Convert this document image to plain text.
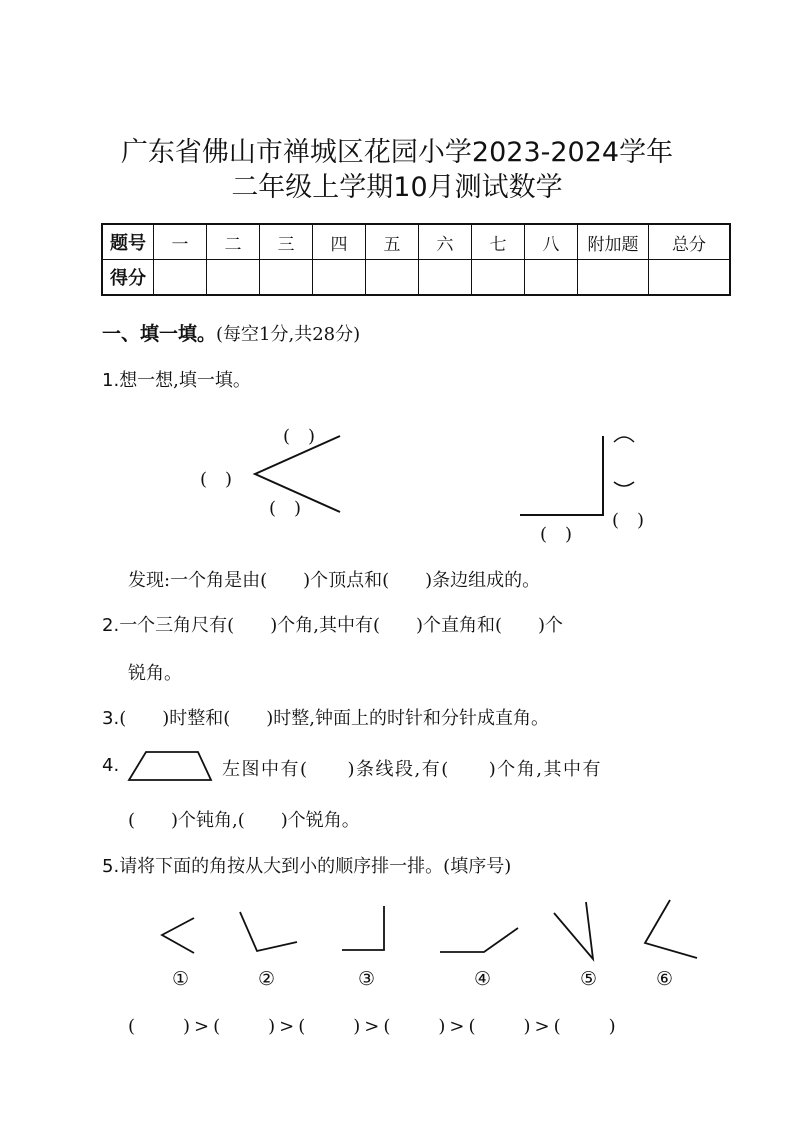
广东省佛山市禅城区花园小学2023-2024学年
二年级上学期10月测试数学
题号	一	二	三	四	五	六	七	八	附加题	总分
得分										
一、填一填。(每空1分,共28分)
1.想一想,填一填。
(　)
(　)
(　)
(　)
(　)
发现:一个角是由(　　)个顶点和(　　)条边组成的。
2.一个三角尺有(　　)个角,其中有(　　)个直角和(　　)个
锐角。
3.(　　)时整和(　　)时整,钟面上的时针和分针成直角。
4.	左图中有(　　)条线段,有(　　)个角,其中有
(　　)个钝角,(　　)个锐角。
5.请将下面的角按从大到小的顺序排一排。(填序号)
①	②	③	④	⑤	⑥
(　　)>(　　)>(　　)>(　　)>(　　)>(　　)
